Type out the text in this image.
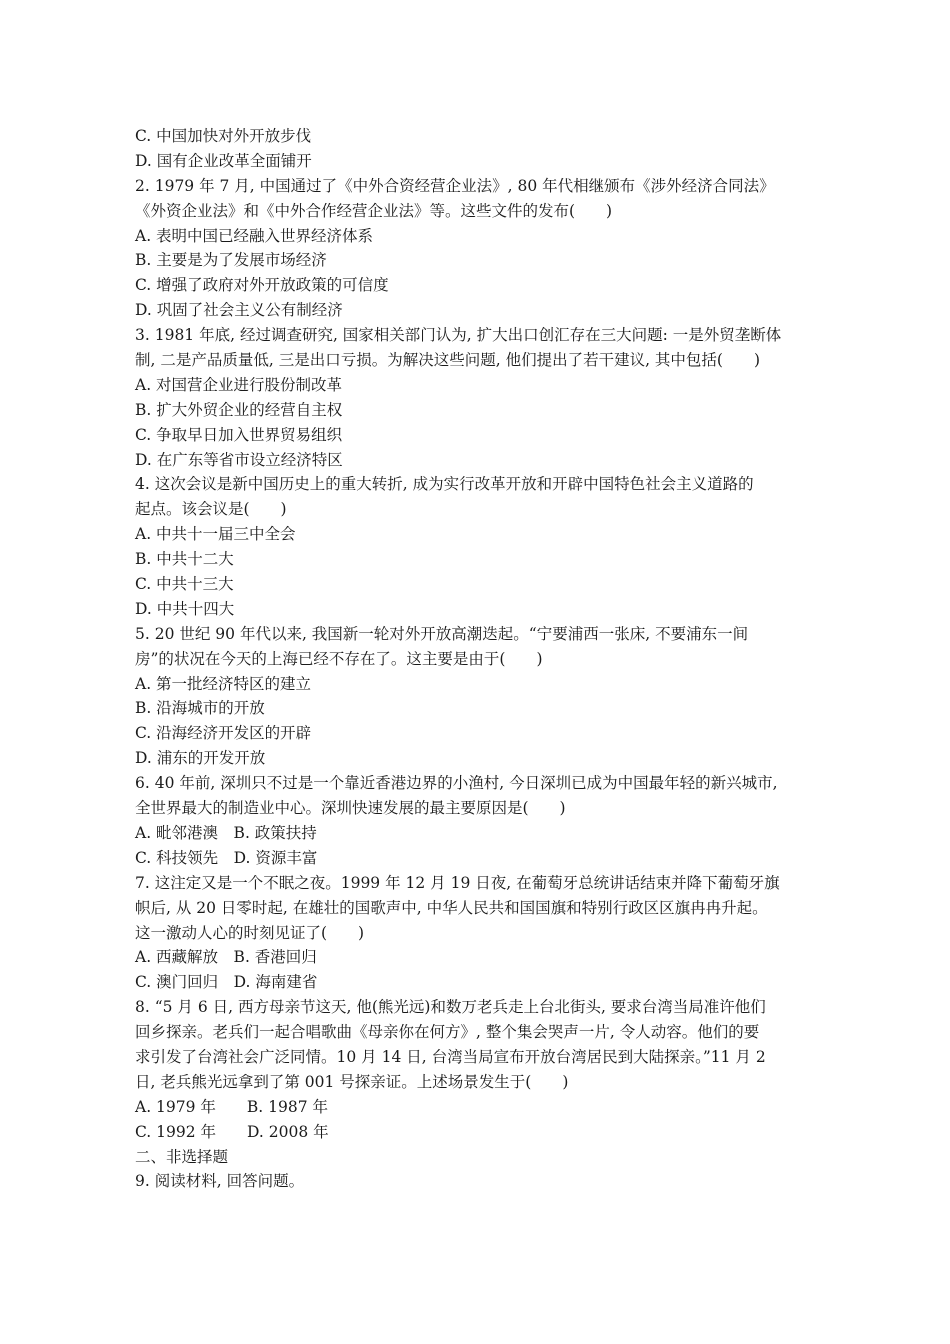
C. 中国加快对外开放步伐
D. 国有企业改革全面铺开
2. 1979 年 7 月, 中国通过了《中外合资经营企业法》, 80 年代相继颁布《涉外经济合同法》
《外资企业法》和《中外合作经营企业法》等。这些文件的发布(　　)
A. 表明中国已经融入世界经济体系
B. 主要是为了发展市场经济
C. 增强了政府对外开放政策的可信度
D. 巩固了社会主义公有制经济
3. 1981 年底, 经过调查研究, 国家相关部门认为, 扩大出口创汇存在三大问题: 一是外贸垄断体
制, 二是产品质量低, 三是出口亏损。为解决这些问题, 他们提出了若干建议, 其中包括(　　)
A. 对国营企业进行股份制改革
B. 扩大外贸企业的经营自主权
C. 争取早日加入世界贸易组织
D. 在广东等省市设立经济特区
4. 这次会议是新中国历史上的重大转折, 成为实行改革开放和开辟中国特色社会主义道路的
起点。该会议是(　　)
A. 中共十一届三中全会
B. 中共十二大
C. 中共十三大
D. 中共十四大
5. 20 世纪 90 年代以来, 我国新一轮对外开放高潮迭起。“宁要浦西一张床, 不要浦东一间
房”的状况在今天的上海已经不存在了。这主要是由于(　　)
A. 第一批经济特区的建立
B. 沿海城市的开放
C. 沿海经济开发区的开辟
D. 浦东的开发开放
6. 40 年前, 深圳只不过是一个靠近香港边界的小渔村, 今日深圳已成为中国最年轻的新兴城市,
全世界最大的制造业中心。深圳快速发展的最主要原因是(　　)
A. 毗邻港澳　B. 政策扶持
C. 科技领先　D. 资源丰富
7. 这注定又是一个不眠之夜。1999 年 12 月 19 日夜, 在葡萄牙总统讲话结束并降下葡萄牙旗
帜后, 从 20 日零时起, 在雄壮的国歌声中, 中华人民共和国国旗和特别行政区区旗冉冉升起。
这一激动人心的时刻见证了(　　)
A. 西藏解放　B. 香港回归
C. 澳门回归　D. 海南建省
8. “5 月 6 日, 西方母亲节这天, 他(熊光远)和数万老兵走上台北街头, 要求台湾当局准许他们
回乡探亲。老兵们一起合唱歌曲《母亲你在何方》, 整个集会哭声一片, 令人动容。他们的要
求引发了台湾社会广泛同情。10 月 14 日, 台湾当局宣布开放台湾居民到大陆探亲。”11 月 2
日, 老兵熊光远拿到了第 001 号探亲证。上述场景发生于(　　)
A. 1979 年　　B. 1987 年
C. 1992 年　　D. 2008 年
二、非选择题
9. 阅读材料, 回答问题。
